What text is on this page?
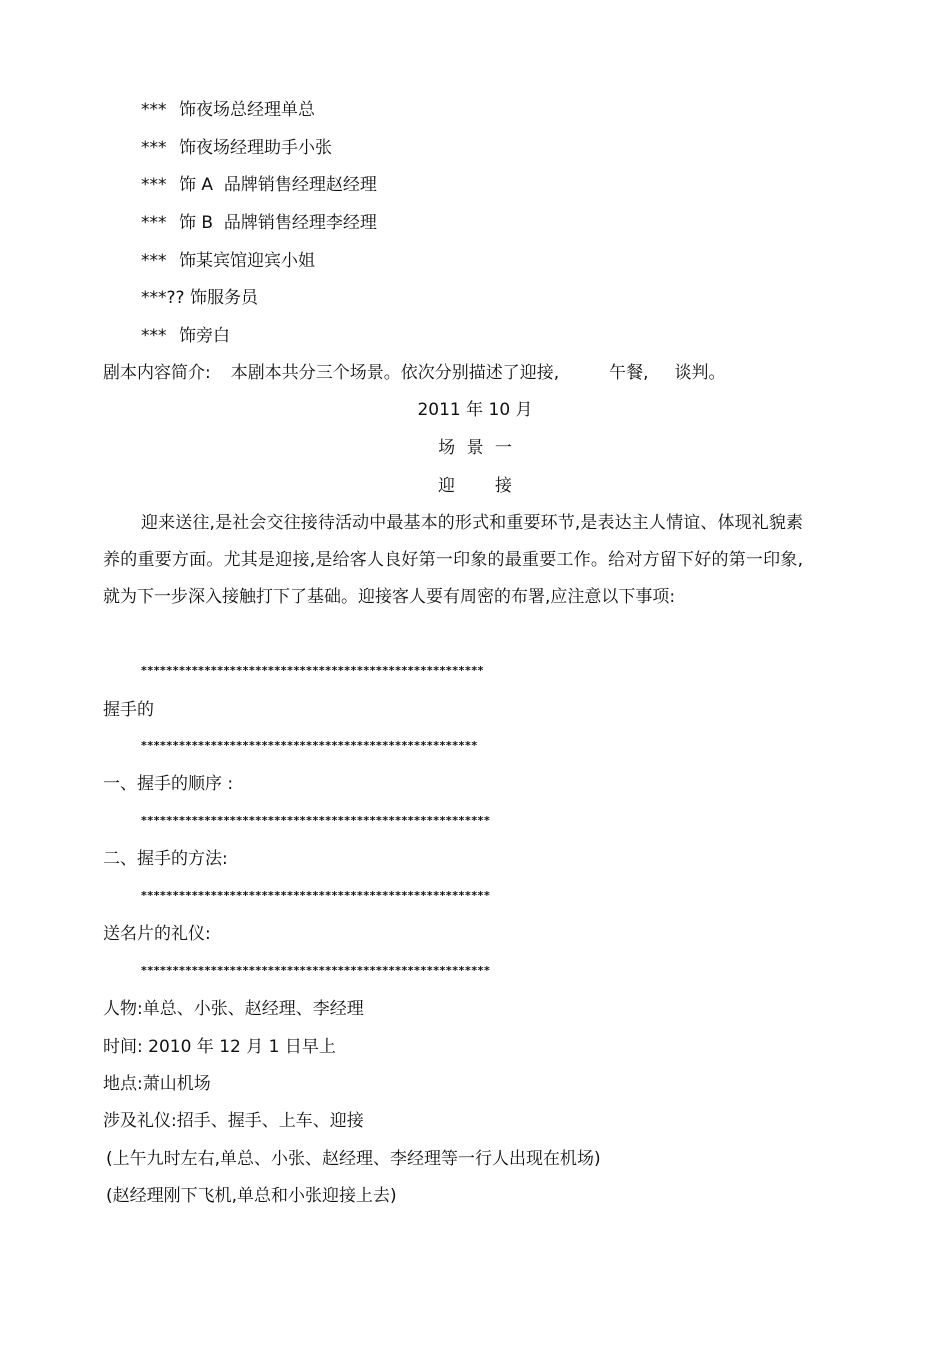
*** 饰夜场总经理单总
*** 饰夜场经理助手小张
*** 饰 A  品牌销售经理赵经理
*** 饰 B  品牌销售经理李经理
*** 饰某宾馆迎宾小姐
***?? 饰服务员
*** 饰旁白
剧本内容简介: 本剧本共分三个场景。依次分别描述了迎接,	午餐, 谈判。
2011 年 10 月
场 景 一
迎 接
迎来送往,是社会交往接待活动中最基本的形式和重要环节,是表达主人情谊、体现礼貌素养的重要方面。尤其是迎接,是给客人良好第一印象的最重要工作。给对方留下好的第一印象,就为下一步深入接触打下了基础。迎接客人要有周密的布署,应注意以下事项:
******************************************************
握手的
*****************************************************
一、握手的顺序 :
*******************************************************
二、握手的方法:
*******************************************************
送名片的礼仪:
*******************************************************
人物:单总、小张、赵经理、李经理
时间: 2010 年 12 月 1 日早上
地点:萧山机场
涉及礼仪:招手、握手、上车、迎接
(上午九时左右,单总、小张、赵经理、李经理等一行人出现在机场)
(赵经理刚下飞机,单总和小张迎接上去)
